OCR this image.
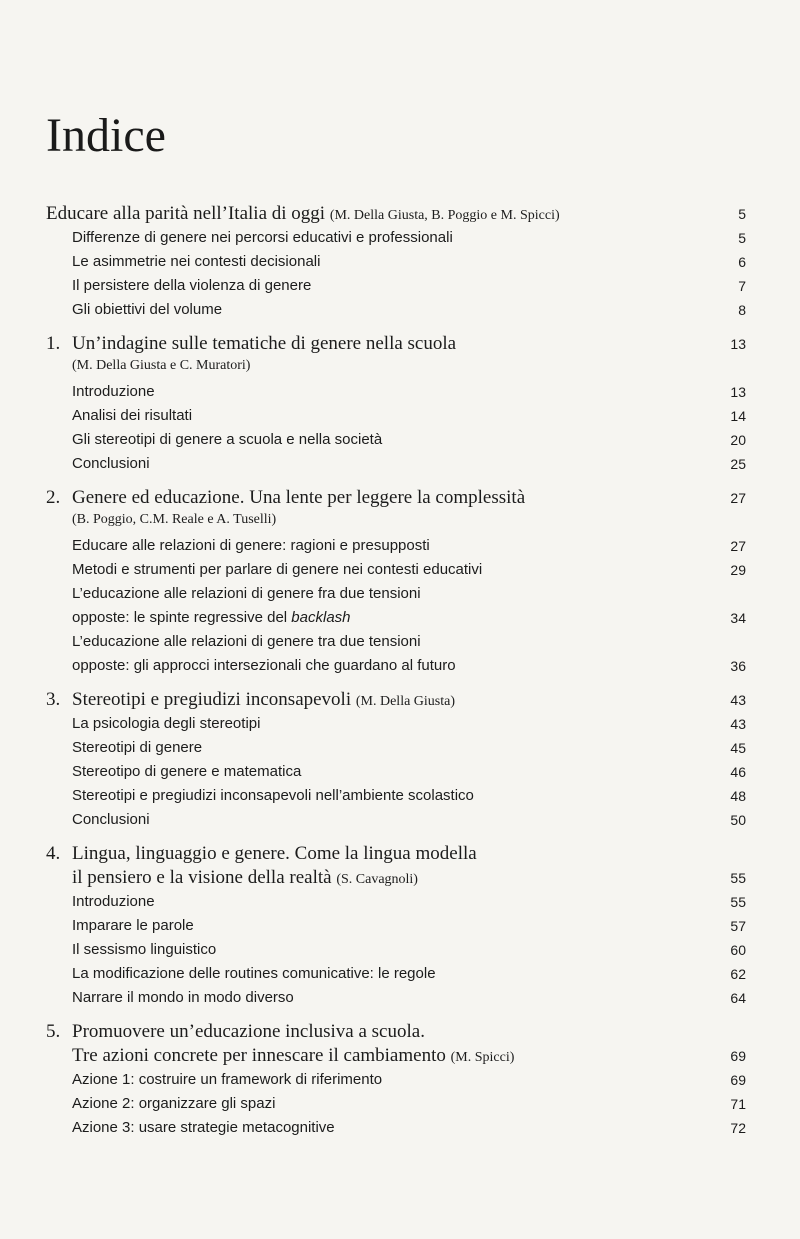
Indice
Educare alla parità nell’Italia di oggi (M. Della Giusta, B. Poggio e M. Spicci)	5
Differenze di genere nei percorsi educativi e professionali	5
Le asimmetrie nei contesti decisionali	6
Il persistere della violenza di genere	7
Gli obiettivi del volume	8
1. Un’indagine sulle tematiche di genere nella scuola	13
(M. Della Giusta e C. Muratori)
Introduzione	13
Analisi dei risultati	14
Gli stereotipi di genere a scuola e nella società	20
Conclusioni	25
2. Genere ed educazione. Una lente per leggere la complessità	27
(B. Poggio, C.M. Reale e A. Tuselli)
Educare alle relazioni di genere: ragioni e presupposti	27
Metodi e strumenti per parlare di genere nei contesti educativi	29
L’educazione alle relazioni di genere fra due tensioni
opposte: le spinte regressive del backlash	34
L’educazione alle relazioni di genere tra due tensioni
opposte: gli approcci intersezionali che guardano al futuro	36
3. Stereotipi e pregiudizi inconsapevoli (M. Della Giusta)	43
La psicologia degli stereotipi	43
Stereotipi di genere	45
Stereotipo di genere e matematica	46
Stereotipi e pregiudizi inconsapevoli nell’ambiente scolastico	48
Conclusioni	50
4. Lingua, linguaggio e genere. Come la lingua modella
il pensiero e la visione della realtà (S. Cavagnoli)	55
Introduzione	55
Imparare le parole	57
Il sessismo linguistico	60
La modificazione delle routines comunicative: le regole	62
Narrare il mondo in modo diverso	64
5. Promuovere un’educazione inclusiva a scuola.
Tre azioni concrete per innescare il cambiamento (M. Spicci)	69
Azione 1: costruire un framework di riferimento	69
Azione 2: organizzare gli spazi	71
Azione 3: usare strategie metacognitive	72
